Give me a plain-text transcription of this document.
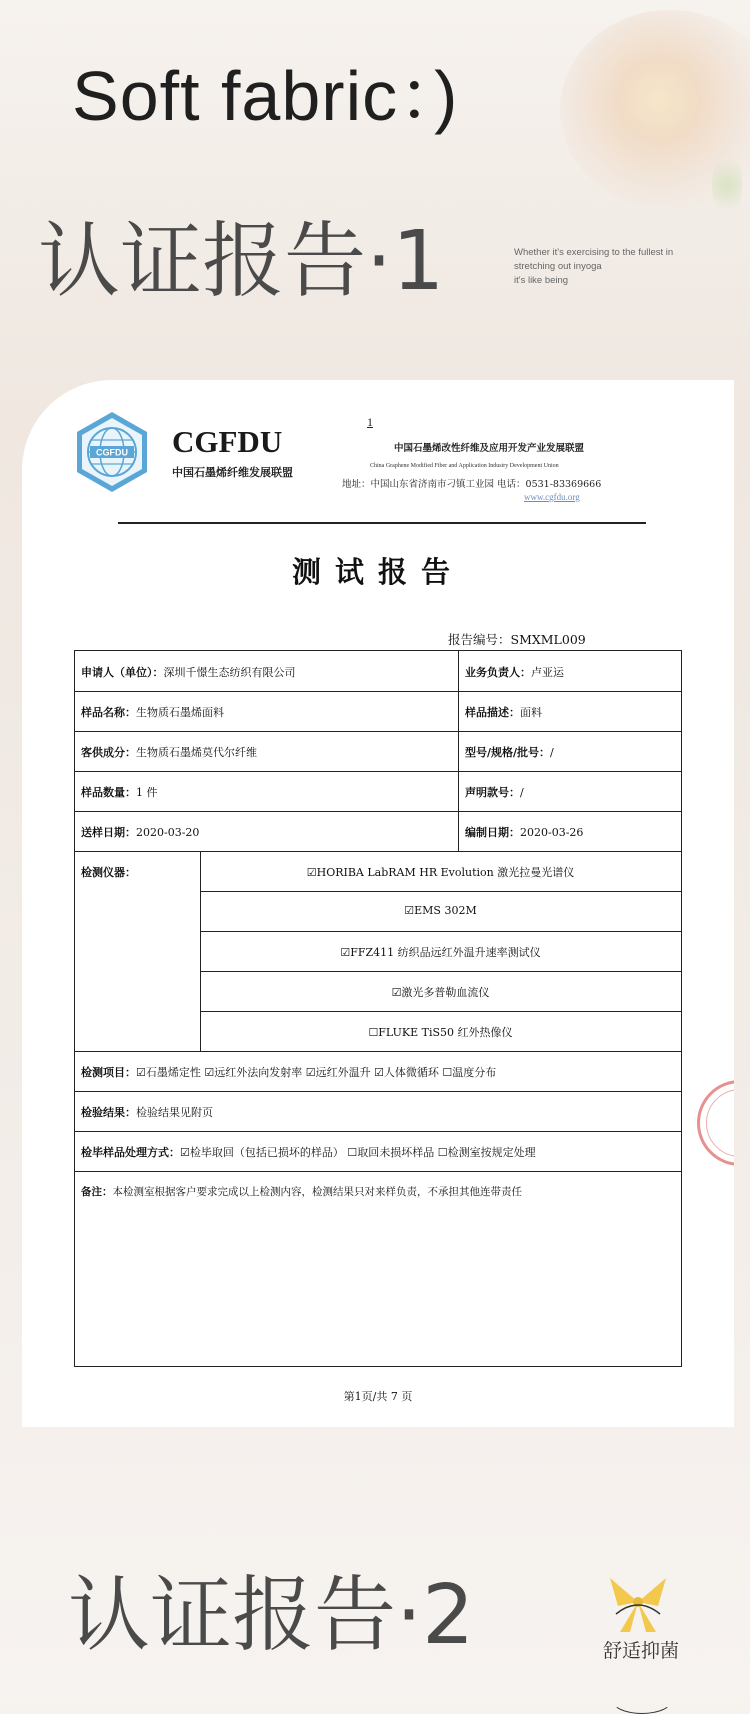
Soft fabric：)
认证报告·1	Whether it's exercising to the fullest in
stretching out inyoga
it's like being
CGFDU CGFDU
中国石墨烯纤维发展联盟
1
中国石墨烯改性纤维及应用开发产业发展联盟
China Graphene Modified Fiber and Application Industry Development Union
地址：中国山东省济南市刁镇工业园 电话：0531-83369666
www.cgfdu.org
测试报告
报告编号：SMXML009
申请人（单位）：深圳千憬生态纺织有限公司	业务负责人：卢亚运
样品名称：生物质石墨烯面料	样品描述：面料
客供成分：生物质石墨烯莫代尔纤维	型号/规格/批号：/
样品数量：1 件	声明款号：/
送样日期：2020-03-20	编制日期：2020-03-26
检测仪器：	☑HORIBA LabRAM HR Evolution 激光拉曼光谱仪
☑EMS 302M
☑FFZ411 纺织品远红外温升速率测试仪
☑激光多普勒血流仪
☐FLUKE TiS50 红外热像仪
检测项目：☑石墨烯定性 ☑远红外法向发射率 ☑远红外温升 ☑人体微循环 ☐温度分布
检验结果：检验结果见附页
检毕样品处理方式：☑检毕取回（包括已损坏的样品） ☐取回未损坏样品 ☐检测室按规定处理
备注：本检测室根据客户要求完成以上检测内容，检测结果只对来样负责，不承担其他连带责任
第1页/共 7 页
认证报告·2	舒适抑菌
